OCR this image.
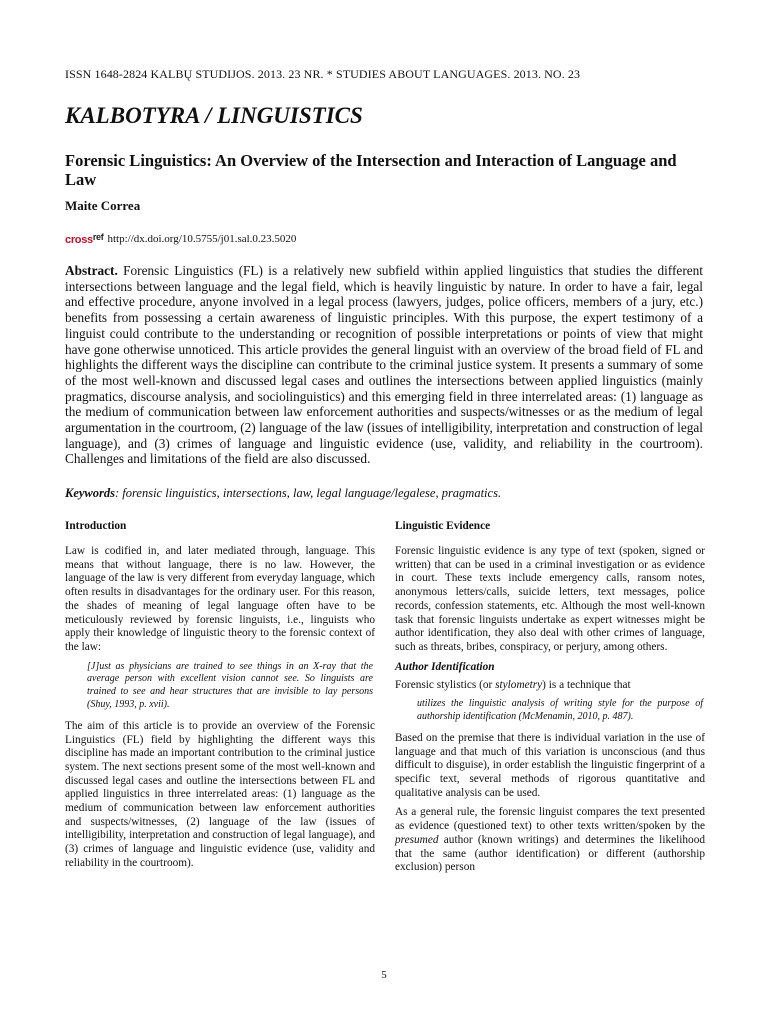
ISSN 1648-2824 KALBŲ STUDIJOS. 2013. 23 NR. * STUDIES ABOUT LANGUAGES. 2013. NO. 23
KALBOTYRA / LINGUISTICS
Forensic Linguistics: An Overview of the Intersection and Interaction of Language and Law
Maite Correa
cross$^{ref}$ http://dx.doi.org/10.5755/j01.sal.0.23.5020

Abstract. Forensic Linguistics (FL) is a relatively new subfield within applied linguistics that studies the different intersections between language and the legal field, which is heavily linguistic by nature. In order to have a fair, legal and effective procedure, anyone involved in a legal process (lawyers, judges, police officers, members of a jury, etc.) benefits from possessing a certain awareness of linguistic principles. With this purpose, the expert testimony of a linguist could contribute to the understanding or recognition of possible interpretations or points of view that might have gone otherwise unnoticed. This article provides the general linguist with an overview of the broad field of FL and highlights the different ways the discipline can contribute to the criminal justice system. It presents a summary of some of the most well-known and discussed legal cases and outlines the intersections between applied linguistics (mainly pragmatics, discourse analysis, and sociolinguistics) and this emerging field in three interrelated areas: (1) language as the medium of communication between law enforcement authorities and suspects/witnesses or as the medium of legal argumentation in the courtroom, (2) language of the law (issues of intelligibility, interpretation and construction of legal language), and (3) crimes of language and linguistic evidence (use, validity, and reliability in the courtroom). Challenges and limitations of the field are also discussed.

Keywords: forensic linguistics, intersections, law, legal language/legalese, pragmatics.

Introduction

Law is codified in, and later mediated through, language. This means that without language, there is no law. However, the language of the law is very different from everyday language, which often results in disadvantages for the ordinary user. For this reason, the shades of meaning of legal language often have to be meticulously reviewed by forensic linguists, i.e., linguists who apply their knowledge of linguistic theory to the forensic context of the law:

[J]ust as physicians are trained to see things in an X-ray that the average person with excellent vision cannot see. So linguists are trained to see and hear structures that are invisible to lay persons (Shuy, 1993, p. xvii).

The aim of this article is to provide an overview of the Forensic Linguistics (FL) field by highlighting the different ways this discipline has made an important contribution to the criminal justice system. The next sections present some of the most well-known and discussed legal cases and outline the intersections between FL and applied linguistics in three interrelated areas: (1) language as the medium of communication between law enforcement authorities and suspects/witnesses, (2) language of the law (issues of intelligibility, interpretation and construction of legal language), and (3) crimes of language and linguistic evidence (use, validity and reliability in the courtroom).

Linguistic Evidence

Forensic linguistic evidence is any type of text (spoken, signed or written) that can be used in a criminal investigation or as evidence in court. These texts include emergency calls, ransom notes, anonymous letters/calls, suicide letters, text messages, police records, confession statements, etc. Although the most well-known task that forensic linguists undertake as expert witnesses might be author identification, they also deal with other crimes of language, such as threats, bribes, conspiracy, or perjury, among others.

Author Identification

Forensic stylistics (or stylometry) is a technique that

utilizes the linguistic analysis of writing style for the purpose of authorship identification (McMenamin, 2010, p. 487).

Based on the premise that there is individual variation in the use of language and that much of this variation is unconscious (and thus difficult to disguise), in order establish the linguistic fingerprint of a specific text, several methods of rigorous quantitative and qualitative analysis can be used.

As a general rule, the forensic linguist compares the text presented as evidence (questioned text) to other texts written/spoken by the presumed author (known writings) and determines the likelihood that the same (author identification) or different (authorship exclusion) person

5
